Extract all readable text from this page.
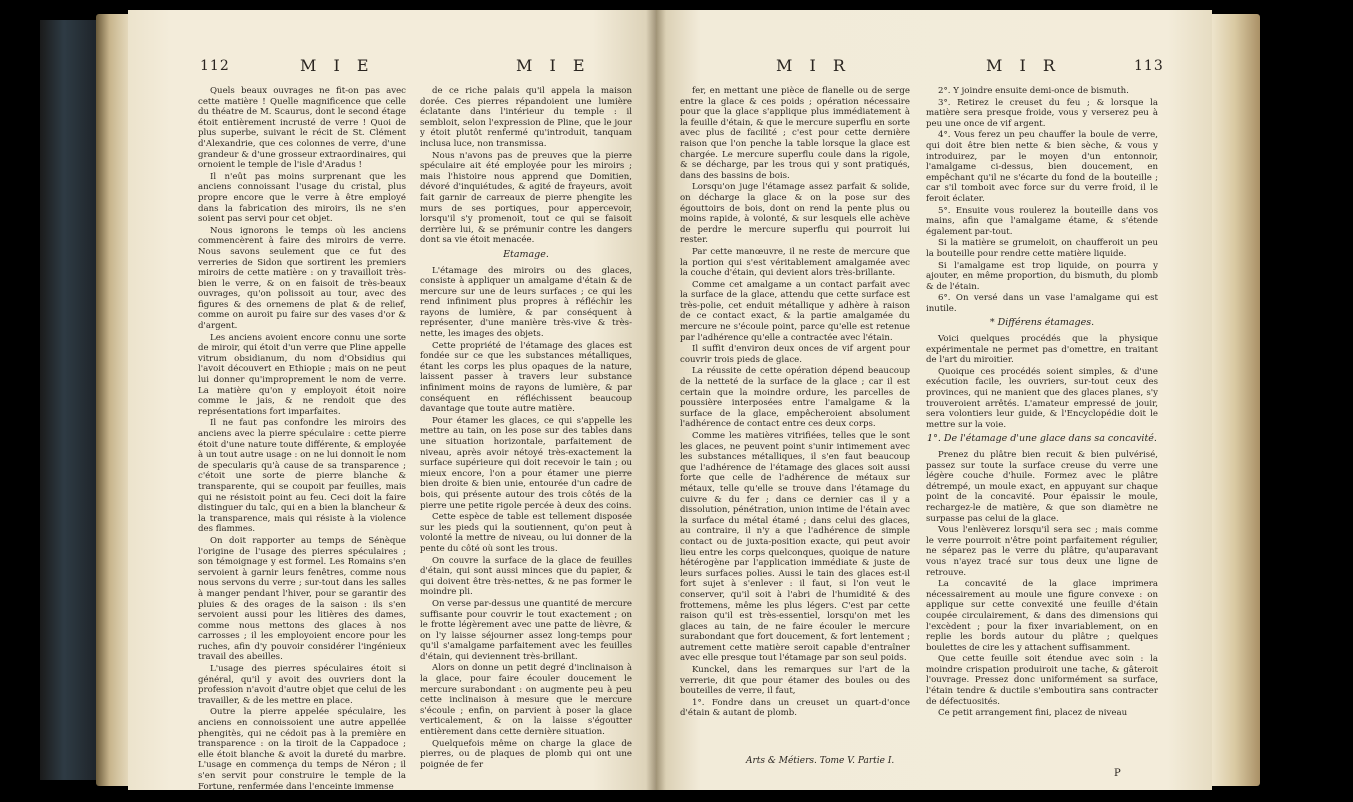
112	M I E	M I E

Quels beaux ouvrages ne fit-on pas avec cette matière ! Quelle magnificence que celle du théatre de M. Scaurus, dont le second étage étoit entièrement incrusté de verre ! Quoi de plus superbe, suivant le récit de St. Clément d'Alexandrie, que ces colonnes de verre, d'une grandeur & d'une grosseur extraordinaires, qui ornoient le temple de l'isle d'Aradus !

Il n'eût pas moins surprenant que les anciens connoissant l'usage du cristal, plus propre encore que le verre à être employé dans la fabrication des miroirs, ils ne s'en soient pas servi pour cet objet.

Nous ignorons le temps où les anciens commencèrent à faire des miroirs de verre. Nous savons seulement que ce fut des verreries de Sidon que sortirent les premiers miroirs de cette matière : on y travailloit très-bien le verre, & on en faisoit de très-beaux ouvrages, qu'on polissoit au tour, avec des figures & des ornemens de plat & de relief, comme on auroit pu faire sur des vases d'or & d'argent.

Les anciens avoient encore connu une sorte de miroir, qui étoit d'un verre que Pline appelle vitrum obsidianum, du nom d'Obsidius qui l'avoit découvert en Ethiopie ; mais on ne peut lui donner qu'improprement le nom de verre. La matière qu'on y employoit étoit noire comme le jais, & ne rendoit que des représentations fort imparfaites.

Il ne faut pas confondre les miroirs des anciens avec la pierre spéculaire : cette pierre étoit d'une nature toute différente, & employée à un tout autre usage : on ne lui donnoit le nom de specularis qu'à cause de sa transparence ; c'étoit une sorte de pierre blanche & transparente, qui se coupoit par feuilles, mais qui ne résistoit point au feu. Ceci doit la faire distinguer du talc, qui en a bien la blancheur & la transparence, mais qui résiste à la violence des flammes.

On doit rapporter au temps de Sénèque l'origine de l'usage des pierres spéculaires ; son témoignage y est formel. Les Romains s'en servoient à garnir leurs fenêtres, comme nous nous servons du verre ; sur-tout dans les salles à manger pendant l'hiver, pour se garantir des pluies & des orages de la saison : ils s'en servoient aussi pour les litières des dames, comme nous mettons des glaces à nos carrosses ; il les employoient encore pour les ruches, afin d'y pouvoir considérer l'ingénieux travail des abeilles.

L'usage des pierres spéculaires étoit si général, qu'il y avoit des ouvriers dont la profession n'avoit d'autre objet que celui de les travailler, & de les mettre en place.

Outre la pierre appelée spéculaire, les anciens en connoissoient une autre appellée phengitès, qui ne cédoit pas à la première en transparence : on la tiroit de la Cappadoce ; elle étoit blanche & avoit la dureté du marbre. L'usage en commença du temps de Néron ; il s'en servit pour construire le temple de la Fortune, renfermée dans l'enceinte immense

de ce riche palais qu'il appela la maison dorée. Ces pierres répandoient une lumière éclatante dans l'intérieur du temple : il sembloit, selon l'expression de Pline, que le jour y étoit plutôt renfermé qu'introduit, tanquam inclusa luce, non transmissa.

Nous n'avons pas de preuves que la pierre spéculaire ait été employée pour les miroirs ; mais l'histoire nous apprend que Domitien, dévoré d'inquiétudes, & agité de frayeurs, avoit fait garnir de carreaux de pierre phengite les murs de ses portiques, pour appercevoir, lorsqu'il s'y promenoit, tout ce qui se faisoit derrière lui, & se prémunir contre les dangers dont sa vie étoit menacée.

Etamage.

L'étamage des miroirs ou des glaces, consiste à appliquer un amalgame d'étain & de mercure sur une de leurs surfaces ; ce qui les rend infiniment plus propres à réfléchir les rayons de lumière, & par conséquent à représenter, d'une manière très-vive & très-nette, les images des objets.

Cette propriété de l'étamage des glaces est fondée sur ce que les substances métalliques, étant les corps les plus opaques de la nature, laissent passer à travers leur substance infiniment moins de rayons de lumière, & par conséquent en réfléchissent beaucoup davantage que toute autre matière.

Pour étamer les glaces, ce qui s'appelle les mettre au tain, on les pose sur des tables dans une situation horizontale, parfaitement de niveau, après avoir nétoyé très-exactement la surface supérieure qui doit recevoir le tain ; ou mieux encore, l'on a pour étamer une pierre bien droite & bien unie, entourée d'un cadre de bois, qui présente autour des trois côtés de la pierre une petite rigole percée à deux des coins.

Cette espèce de table est tellement disposée sur les pieds qui la soutiennent, qu'on peut à volonté la mettre de niveau, ou lui donner de la pente du côté où sont les trous.

On couvre la surface de la glace de feuilles d'étain, qui sont aussi minces que du papier, & qui doivent être très-nettes, & ne pas former le moindre pli.

On verse par-dessus une quantité de mercure suffisante pour couvrir le tout exactement ; on le frotte légèrement avec une patte de lièvre, & on l'y laisse séjourner assez long-temps pour qu'il s'amalgame parfaitement avec les feuilles d'étain, qui deviennent très-brillant.

Alors on donne un petit degré d'inclinaison à la glace, pour faire écouler doucement le mercure surabondant : on augmente peu à peu cette inclinaison à mesure que le mercure s'écoule ; enfin, on parvient à poser la glace verticalement, & on la laisse s'égoutter entièrement dans cette dernière situation.

Quelquefois même on charge la glace de pierres, ou de plaques de plomb qui ont une poignée de fer

M I R	M I R	113

fer, en mettant une pièce de flanelle ou de serge entre la glace & ces poids ; opération nécessaire pour que la glace s'applique plus immédiatement à la feuille d'étain, & que le mercure superflu en sorte avec plus de facilité ; c'est pour cette dernière raison que l'on penche la table lorsque la glace est chargée. Le mercure superflu coule dans la rigole, & se décharge, par les trous qui y sont pratiqués, dans des bassins de bois.

Lorsqu'on juge l'étamage assez parfait & solide, on décharge la glace & on la pose sur des égouttoirs de bois, dont on rend la pente plus ou moins rapide, à volonté, & sur lesquels elle achève de perdre le mercure superflu qui pourroit lui rester.

Par cette manœuvre, il ne reste de mercure que la portion qui s'est véritablement amalgamée avec la couche d'étain, qui devient alors très-brillante.

Comme cet amalgame a un contact parfait avec la surface de la glace, attendu que cette surface est très-polie, cet enduit métallique y adhère à raison de ce contact exact, & la partie amalgamée du mercure ne s'écoule point, parce qu'elle est retenue par l'adhérence qu'elle a contractée avec l'étain.

Il suffit d'environ deux onces de vif argent pour couvrir trois pieds de glace.

La réussite de cette opération dépend beaucoup de la netteté de la surface de la glace ; car il est certain que la moindre ordure, les parcelles de poussière interposées entre l'amalgame & la surface de la glace, empêcheroient absolument l'adhérence de contact entre ces deux corps.

Comme les matières vitrifiées, telles que le sont les glaces, ne peuvent point s'unir intimement avec les substances métalliques, il s'en faut beaucoup que l'adhérence de l'étamage des glaces soit aussi forte que celle de l'adhérence de métaux sur métaux, telle qu'elle se trouve dans l'étamage du cuivre & du fer ; dans ce dernier cas il y a dissolution, pénétration, union intime de l'étain avec la surface du métal étamé ; dans celui des glaces, au contraire, il n'y a que l'adhérence de simple contact ou de juxta-position exacte, qui peut avoir lieu entre les corps quelconques, quoique de nature hétérogène par l'application immédiate & juste de leurs surfaces polies. Aussi le tain des glaces est-il fort sujet à s'enlever : il faut, si l'on veut le conserver, qu'il soit à l'abri de l'humidité & des frottemens, même les plus légers. C'est par cette raison qu'il est très-essentiel, lorsqu'on met les glaces au tain, de ne faire écouler le mercure surabondant que fort doucement, & fort lentement ; autrement cette matière seroit capable d'entraîner avec elle presque tout l'étamage par son seul poids.

Kunckel, dans les remarques sur l'art de la verrerie, dit que pour étamer des boules ou des bouteilles de verre, il faut,

1°. Fondre dans un creuset un quart-d'once d'étain & autant de plomb.

Arts & Métiers. Tome V. Partie I.

2°. Y joindre ensuite demi-once de bismuth.

3°. Retirez le creuset du feu ; & lorsque la matière sera presque froide, vous y verserez peu à peu une once de vif argent.

4°. Vous ferez un peu chauffer la boule de verre, qui doit être bien nette & bien sèche, & vous y introduirez, par le moyen d'un entonnoir, l'amalgame ci-dessus, bien doucement, en empêchant qu'il ne s'écarte du fond de la bouteille ; car s'il tomboit avec force sur du verre froid, il le feroit éclater.

5°. Ensuite vous roulerez la bouteille dans vos mains, afin que l'amalgame étame, & s'étende également par-tout.

Si la matière se grumeloit, on chaufferoit un peu la bouteille pour rendre cette matière liquide.

Si l'amalgame est trop liquide, on pourra y ajouter, en même proportion, du bismuth, du plomb & de l'étain.

6°. On versé dans un vase l'amalgame qui est inutile.

* Différens étamages.

Voici quelques procédés que la physique expérimentale ne permet pas d'omettre, en traitant de l'art du miroitier.

Quoique ces procédés soient simples, & d'une exécution facile, les ouvriers, sur-tout ceux des provinces, qui ne manient que des glaces planes, s'y trouveroient arrêtés. L'amateur empressé de jouir, sera volontiers leur guide, & l'Encyclopédie doit le mettre sur la voie.

1°. De l'étamage d'une glace dans sa concavité.

Prenez du plâtre bien recuit & bien pulvérisé, passez sur toute la surface creuse du verre une légère couche d'huile. Formez avec le plâtre détrempé, un moule exact, en appuyant sur chaque point de la concavité. Pour épaissir le moule, rechargez-le de matière, & que son diamètre ne surpasse pas celui de la glace.

Vous l'enlèverez lorsqu'il sera sec ; mais comme le verre pourroit n'être point parfaitement régulier, ne séparez pas le verre du plâtre, qu'auparavant vous n'ayez tracé sur tous deux une ligne de retrouve.

La concavité de la glace imprimera nécessairement au moule une figure convexe : on applique sur cette convexité une feuille d'étain coupée circulairement, & dans des dimensions qui l'excèdent ; pour la fixer invariablement, on en replie les bords autour du plâtre ; quelques boulettes de cire les y attachent suffisamment.

Que cette feuille soit étendue avec soin : la moindre crispation produiroit une tache, & gâteroit l'ouvrage. Pressez donc uniformément sa surface, l'étain tendre & ductile s'emboutira sans contracter de défectuosités.

Ce petit arrangement fini, placez de niveau

P
